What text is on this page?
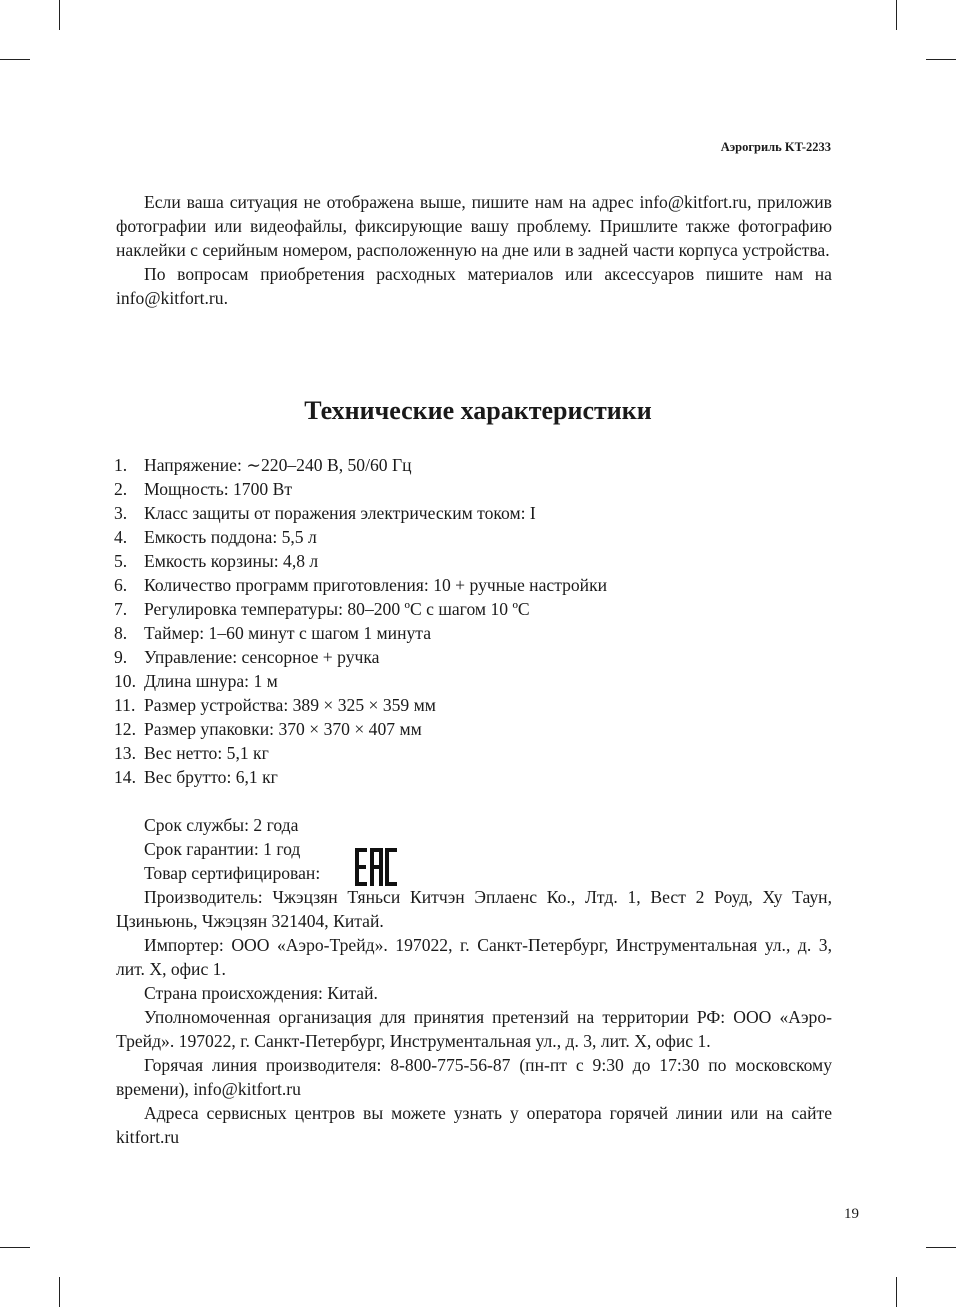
Аэрогриль KT-2233

Если ваша ситуация не отображена выше, пишите нам на адрес info@kitfort.ru, приложив фотографии или видеофайлы, фиксирующие вашу проблему. Пришлите также фотографию наклейки с серийным номером, расположенную на дне или в задней части корпуса устройства.

По вопросам приобретения расходных материалов или аксессуаров пишите нам на info@kitfort.ru.

Технические характеристики
1. Напряжение: ∼220–240 В, 50/60 Гц
2. Мощность: 1700 Вт
3. Класс защиты от поражения электрическим током: I
4. Емкость поддона: 5,5 л
5. Емкость корзины: 4,8 л
6. Количество программ приготовления: 10 + ручные настройки
7. Регулировка температуры: 80–200 ºС с шагом 10 ºС
8. Таймер: 1–60 минут с шагом 1 минута
9. Управление: сенсорное + ручка
10. Длина шнура: 1 м
11. Размер устройства: 389 × 325 × 359 мм
12. Размер упаковки: 370 × 370 × 407 мм
13. Вес нетто: 5,1 кг
14. Вес брутто: 6,1 кг

Срок службы: 2 года

Срок гарантии: 1 год

Товар сертифицирован:

Производитель: Чжэцзян Тяньси Китчэн Эплаенс Ко., Лтд. 1, Вест 2 Роуд, Ху Таун, Цзиньюнь, Чжэцзян 321404, Китай.

Импортер: ООО «Аэро-Трейд». 197022, г. Санкт-Петербург, Инструментальная ул., д. 3, лит. Х, офис 1.

Страна происхождения: Китай.

Уполномоченная организация для принятия претензий на территории РФ: ООО «Аэро-Трейд». 197022, г. Санкт-Петербург, Инструментальная ул., д. 3, лит. Х, офис 1.

Горячая линия производителя: 8-800-775-56-87 (пн-пт с 9:30 до 17:30 по московскому времени), info@kitfort.ru

Адреса сервисных центров вы можете узнать у оператора горячей линии или на сайте kitfort.ru

19
